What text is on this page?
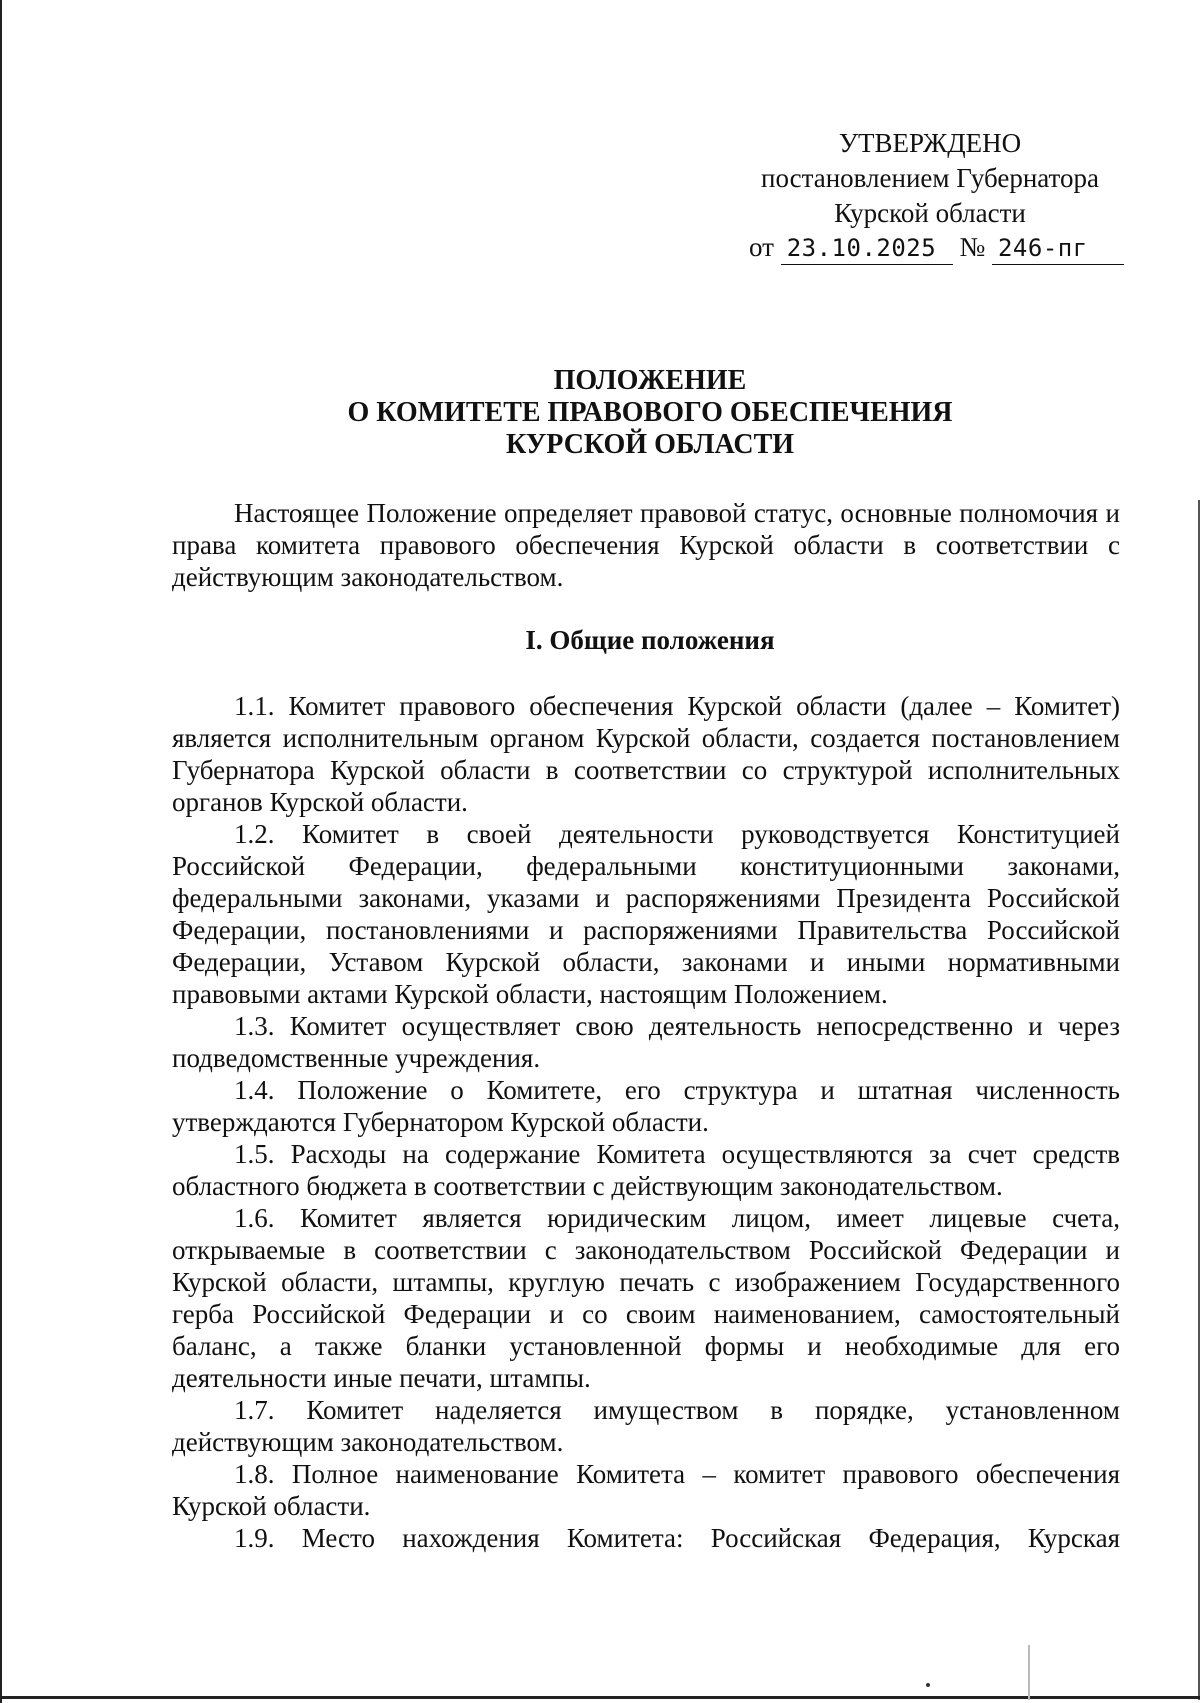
УТВЕРЖДЕНО
постановлением Губернатора
Курской области
от 23.10.2025 № 246-пг
ПОЛОЖЕНИЕ
О КОМИТЕТЕ ПРАВОВОГО ОБЕСПЕЧЕНИЯ
КУРСКОЙ ОБЛАСТИ

Настоящее Положение определяет правовой статус, основные полномочия и права комитета правового обеспечения Курской области в соответствии с действующим законодательством.

I. Общие положения

1.1. Комитет правового обеспечения Курской области (далее – Комитет) является исполнительным органом Курской области, создается постановлением Губернатора Курской области в соответствии со структурой исполнительных органов Курской области.

1.2. Комитет в своей деятельности руководствуется Конституцией Российской Федерации, федеральными конституционными законами, федеральными законами, указами и распоряжениями Президента Российской Федерации, постановлениями и распоряжениями Правительства Российской Федерации, Уставом Курской области, законами и иными нормативными правовыми актами Курской области, настоящим Положением.

1.3. Комитет осуществляет свою деятельность непосредственно и через подведомственные учреждения.

1.4. Положение о Комитете, его структура и штатная численность утверждаются Губернатором Курской области.

1.5. Расходы на содержание Комитета осуществляются за счет средств областного бюджета в соответствии с действующим законодательством.

1.6. Комитет является юридическим лицом, имеет лицевые счета, открываемые в соответствии с законодательством Российской Федерации и Курской области, штампы, круглую печать с изображением Государственного герба Российской Федерации и со своим наименованием, самостоятельный баланс, а также бланки установленной формы и необходимые для его деятельности иные печати, штампы.

1.7. Комитет наделяется имуществом в порядке, установленном действующим законодательством.

1.8. Полное наименование Комитета – комитет правового обеспечения Курской области.

1.9. Место нахождения Комитета: Российская Федерация, Курская
